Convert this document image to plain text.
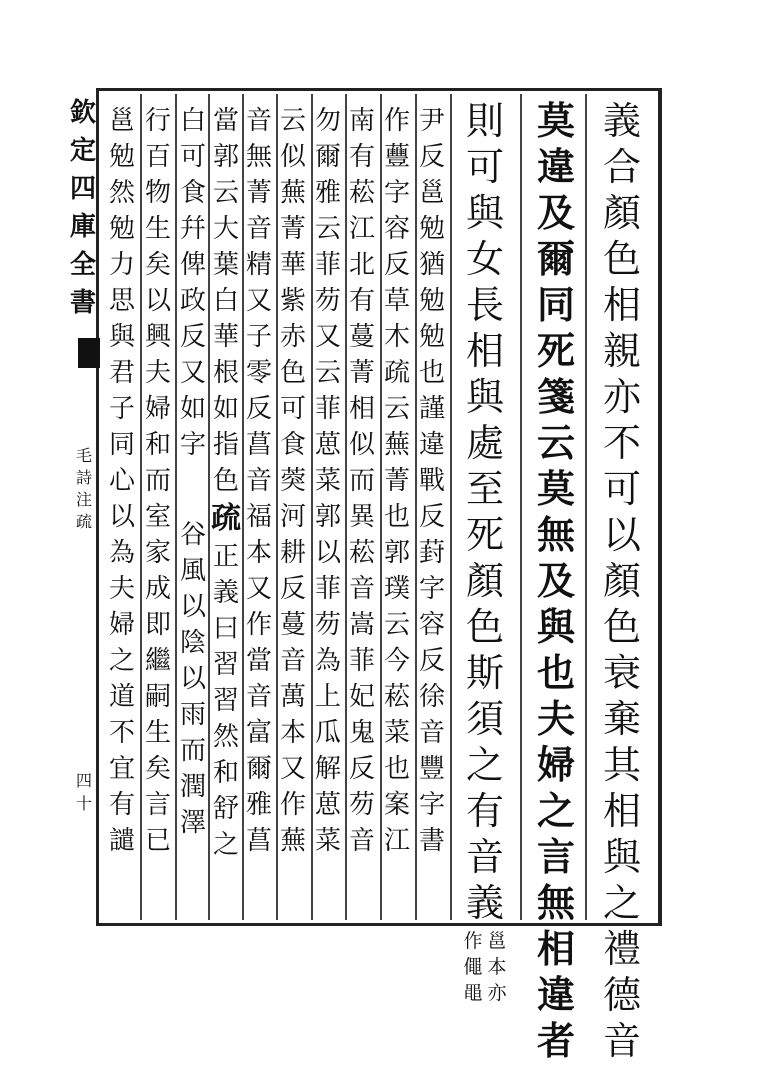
欽
定
四
庫
全
書
毛
詩
注
疏
四十
義
合
顏
色
相
親
亦
不
可
以
顏
色
衰
棄
其
相
與
之
禮
德
音
莫
違
及
爾
同
死
箋
云
莫
無
及
與
也
夫
婦
之
言
無
相
違
者
則
可
與
女
長
相
與
處
至
死
顏
色
斯
須
之
有
音
義
邕
本
亦
作
僶
黽
尹
反
邕
勉
猶
勉
勉
也
謹
違
戰
反
葑
字
容
反
徐
音
豐
字
書
作
蘴
字
容
反
草
木
疏
云
蕪
菁
也
郭
璞
云
今
菘
菜
也
案
江
南
有
菘
江
北
有
蔓
菁
相
似
而
異
菘
音
嵩
菲
妃
鬼
反
芴
音
勿
爾
雅
云
菲
芴
又
云
菲
葸
菜
郭
以
菲
芴
為
上
瓜
解
葸
菜
云
似
蕪
菁
華
紫
赤
色
可
食
葖
河
耕
反
蔓
音
萬
本
又
作
蕪
音
無
菁
音
精
又
子
零
反
菖
音
福
本
又
作
當
音
富
爾
雅
菖
當
郭
云
大
葉
白
華
根
如
指
色
疏
正
義
曰
習
習
然
和
舒
之
白
可
食
幷
俾
政
反
又
如
字
谷
風
以
陰
以
雨
而
潤
澤
行
百
物
生
矣
以
興
夫
婦
和
而
室
家
成
即
繼
嗣
生
矣
言
已
邕
勉
然
勉
力
思
與
君
子
同
心
以
為
夫
婦
之
道
不
宜
有
譴
